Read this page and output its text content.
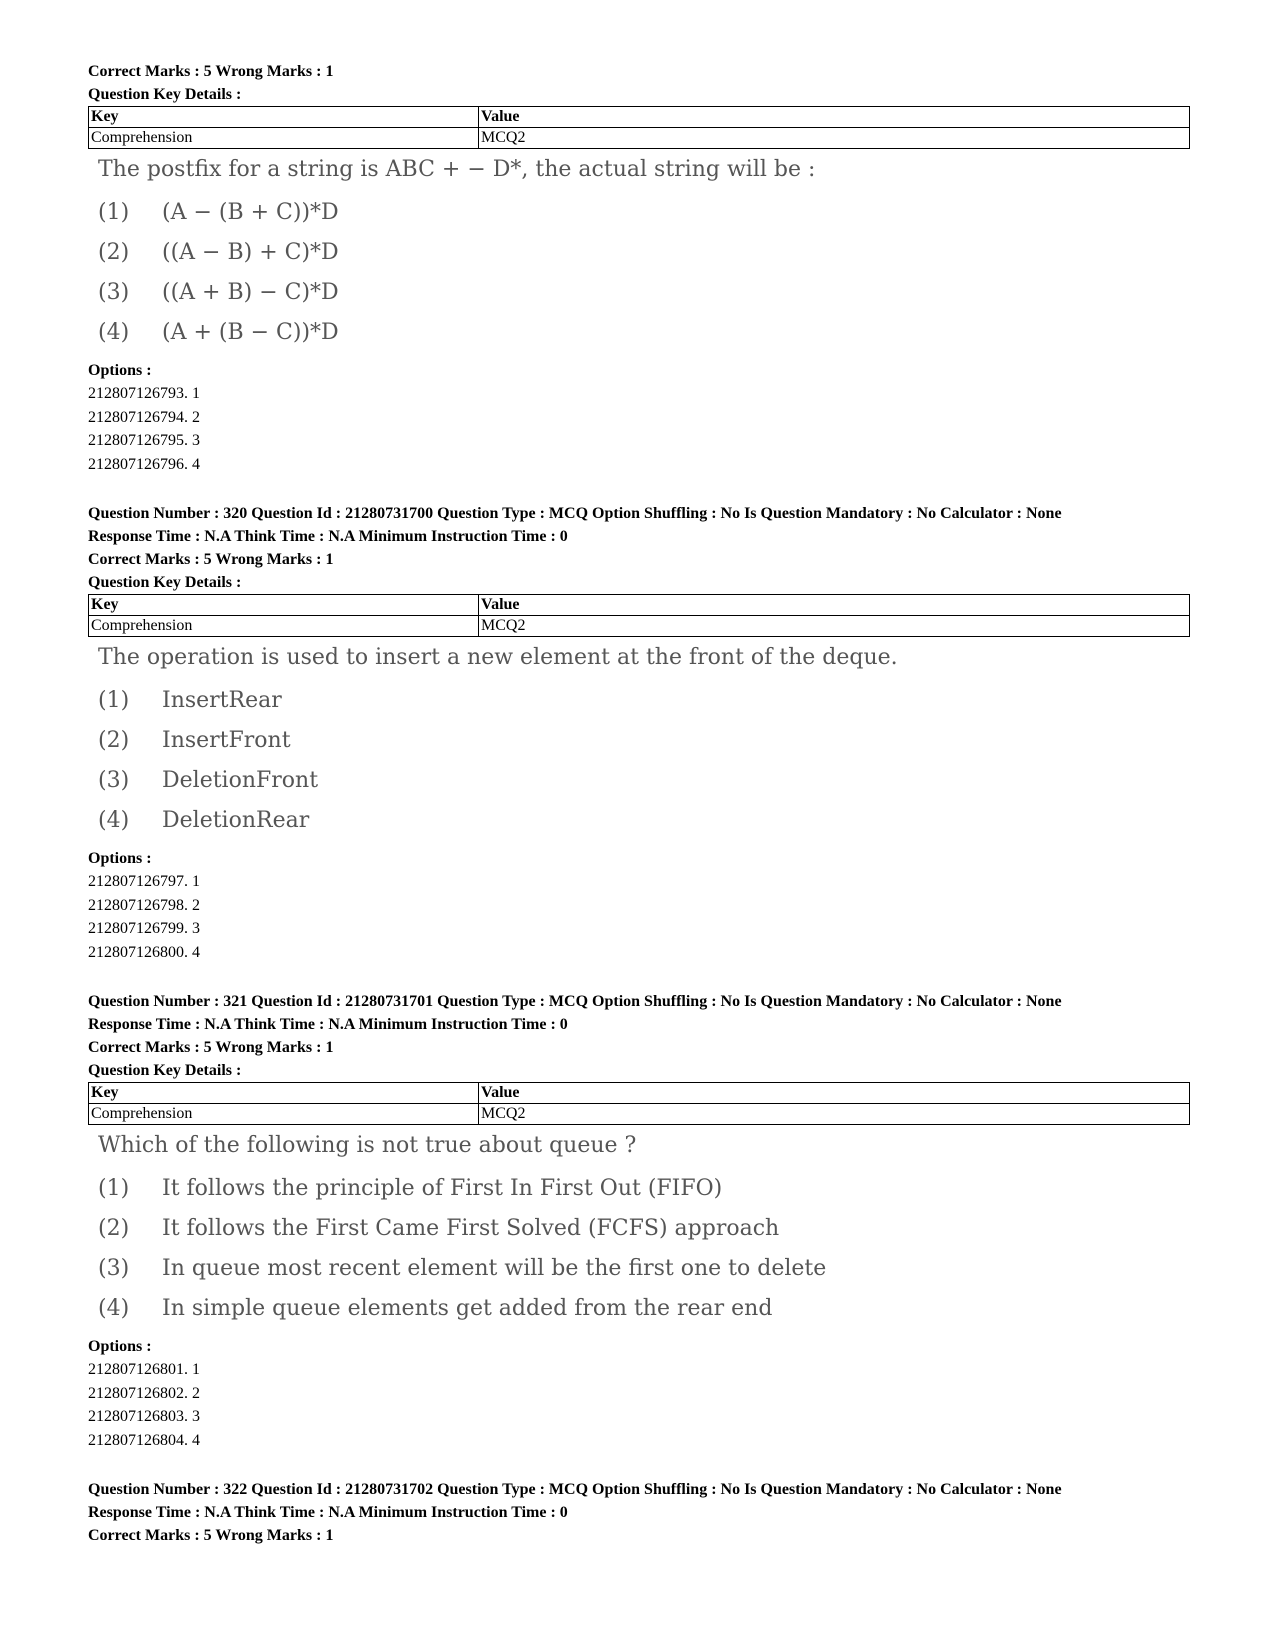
Correct Marks : 5 Wrong Marks : 1
Question Key Details :
Key	Value
Comprehension	MCQ2
The postfix for a string is ABC + − D*, the actual string will be :
(1)	(A − (B + C))*D
(2)	((A − B) + C)*D
(3)	((A + B) − C)*D
(4)	(A + (B − C))*D
Options :
212807126793. 1
212807126794. 2
212807126795. 3
212807126796. 4
Question Number : 320 Question Id : 21280731700 Question Type : MCQ Option Shuffling : No Is Question Mandatory : No Calculator : None
Response Time : N.A Think Time : N.A Minimum Instruction Time : 0
Correct Marks : 5 Wrong Marks : 1
Question Key Details :
Key	Value
Comprehension	MCQ2
The operation is used to insert a new element at the front of the deque.
(1)	InsertRear
(2)	InsertFront
(3)	DeletionFront
(4)	DeletionRear
Options :
212807126797. 1
212807126798. 2
212807126799. 3
212807126800. 4
Question Number : 321 Question Id : 21280731701 Question Type : MCQ Option Shuffling : No Is Question Mandatory : No Calculator : None
Response Time : N.A Think Time : N.A Minimum Instruction Time : 0
Correct Marks : 5 Wrong Marks : 1
Question Key Details :
Key	Value
Comprehension	MCQ2
Which of the following is not true about queue ?
(1)	It follows the principle of First In First Out (FIFO)
(2)	It follows the First Came First Solved (FCFS) approach
(3)	In queue most recent element will be the first one to delete
(4)	In simple queue elements get added from the rear end
Options :
212807126801. 1
212807126802. 2
212807126803. 3
212807126804. 4
Question Number : 322 Question Id : 21280731702 Question Type : MCQ Option Shuffling : No Is Question Mandatory : No Calculator : None
Response Time : N.A Think Time : N.A Minimum Instruction Time : 0
Correct Marks : 5 Wrong Marks : 1
